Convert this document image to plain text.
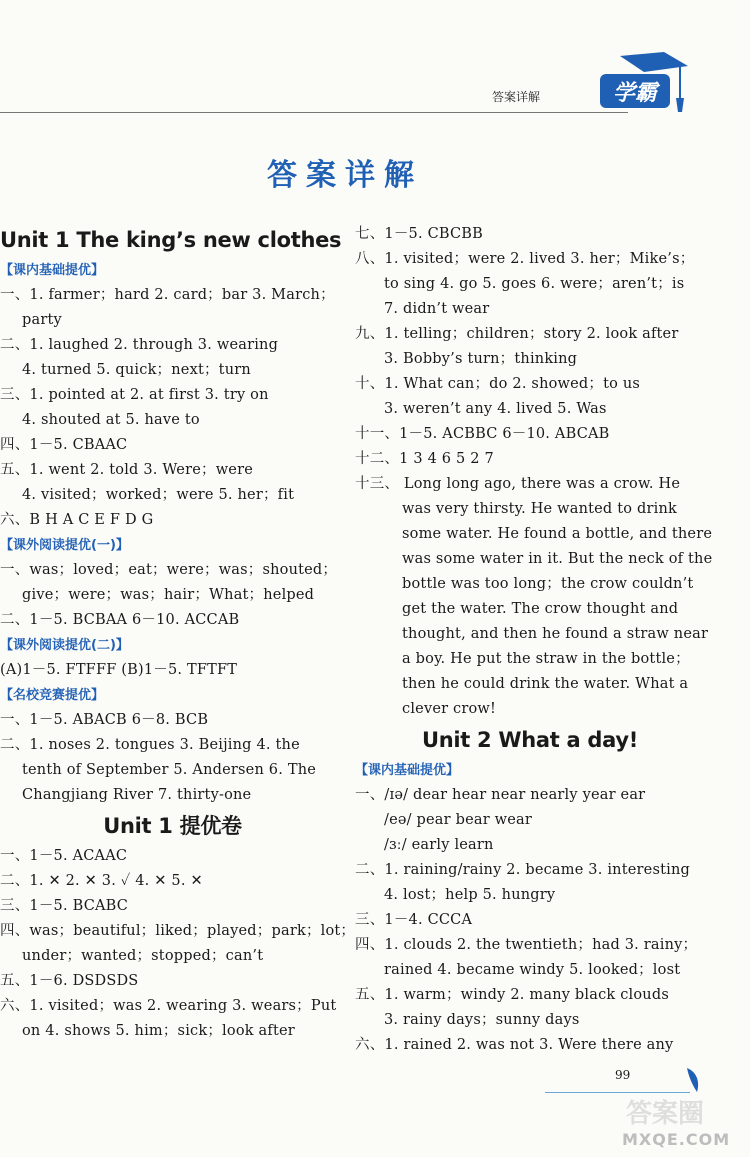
答案详解	学霸
答案详解
Unit 1 The king’s new clothes
【课内基础提优】
一、1. farmer；hard 2. card；bar 3. March；
party
二、1. laughed 2. through 3. wearing
4. turned 5. quick；next；turn
三、1. pointed at 2. at first 3. try on
4. shouted at 5. have to
四、1－5. CBAAC
五、1. went 2. told 3. Were；were
4. visited；worked；were 5. her；fit
六、B H A C E F D G
【课外阅读提优(一)】
一、was；loved；eat；were；was；shouted；
give；were；was；hair；What；helped
二、1－5. BCBAA 6－10. ACCAB
【课外阅读提优(二)】
(A)1－5. FTFFF (B)1－5. TFTFT
【名校竞赛提优】
一、1－5. ABACB 6－8. BCB
二、1. noses 2. tongues 3. Beijing 4. the
tenth of September 5. Andersen 6. The
Changjiang River 7. thirty-one
Unit 1 提优卷
一、1－5. ACAAC
二、1. ✕ 2. ✕ 3. ✓ 4. ✕ 5. ✕
三、1－5. BCABC
四、was；beautiful；liked；played；park；lot；
under；wanted；stopped；can’t
五、1－6. DSDSDS
六、1. visited；was 2. wearing 3. wears；Put
on 4. shows 5. him；sick；look after
七、1－5. CBCBB
八、1. visited；were 2. lived 3. her；Mike’s；
to sing 4. go 5. goes 6. were；aren’t；is
7. didn’t wear
九、1. telling；children；story 2. look after
3. Bobby’s turn；thinking
十、1. What can；do 2. showed；to us
3. weren’t any 4. lived 5. Was
十一、1－5. ACBBC 6－10. ABCAB
十二、1 3 4 6 5 2 7
十三、 Long long ago, there was a crow. He
was very thirsty. He wanted to drink
some water. He found a bottle, and there
was some water in it. But the neck of the
bottle was too long；the crow couldn’t
get the water. The crow thought and
thought, and then he found a straw near
a boy. He put the straw in the bottle；
then he could drink the water. What a
clever crow!
Unit 2 What a day!
【课内基础提优】
一、/ɪə/ dear hear near nearly year ear
/eə/ pear bear wear
/ɜː/ early learn
二、1. raining/rainy 2. became 3. interesting
4. lost；help 5. hungry
三、1－4. CCCA
四、1. clouds 2. the twentieth；had 3. rainy；
rained 4. became windy 5. looked；lost
五、1. warm；windy 2. many black clouds
3. rainy days；sunny days
六、1. rained 2. was not 3. Were there any
99
答案圈
MXQE.COM
